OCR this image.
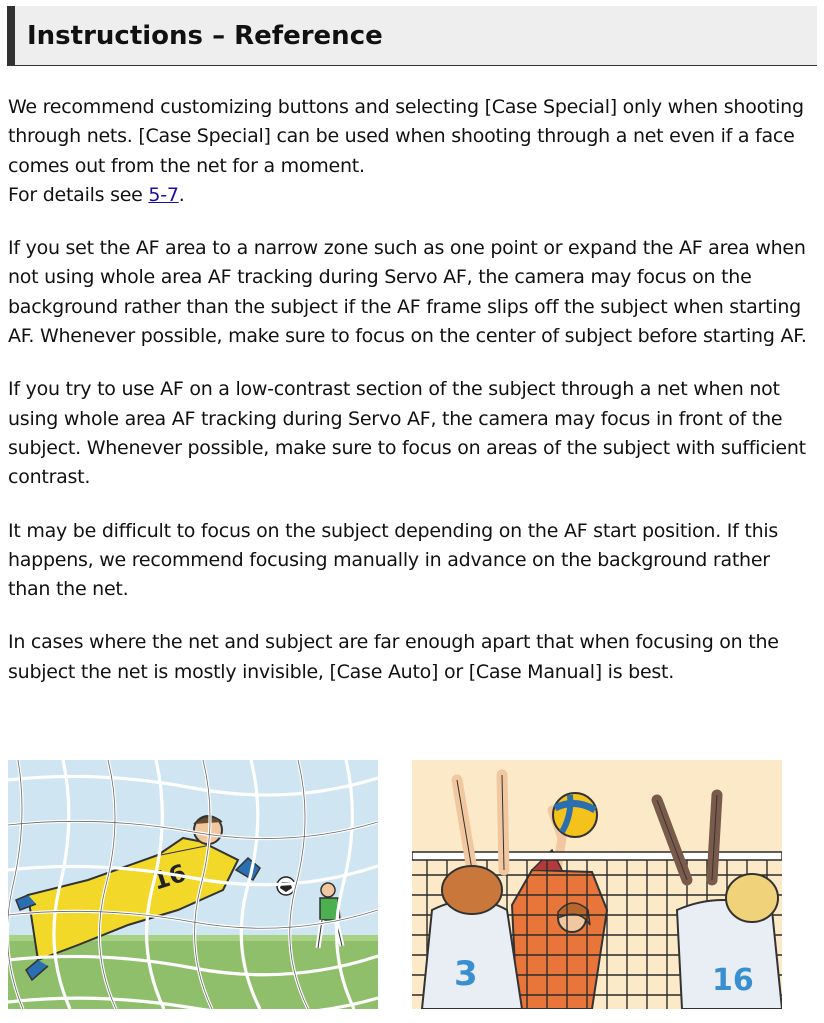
Instructions – Reference

We recommend customizing buttons and selecting [Case Special] only when shooting through nets. [Case Special] can be used when shooting through a net even if a face comes out from the net for a moment.
For details see 5-7.

If you set the AF area to a narrow zone such as one point or expand the AF area when not using whole area AF tracking during Servo AF, the camera may focus on the background rather than the subject if the AF frame slips off the subject when starting AF. Whenever possible, make sure to focus on the center of subject before starting AF.

If you try to use AF on a low-contrast section of the subject through a net when not using whole area AF tracking during Servo AF, the camera may focus in front of the subject. Whenever possible, make sure to focus on areas of the subject with sufficient contrast.

It may be difficult to focus on the subject depending on the AF start position. If this happens, we recommend focusing manually in advance on the background rather than the net.

In cases where the net and subject are far enough apart that when focusing on the subject the net is mostly invisible, [Case Auto] or [Case Manual] is best.

16
3	16
